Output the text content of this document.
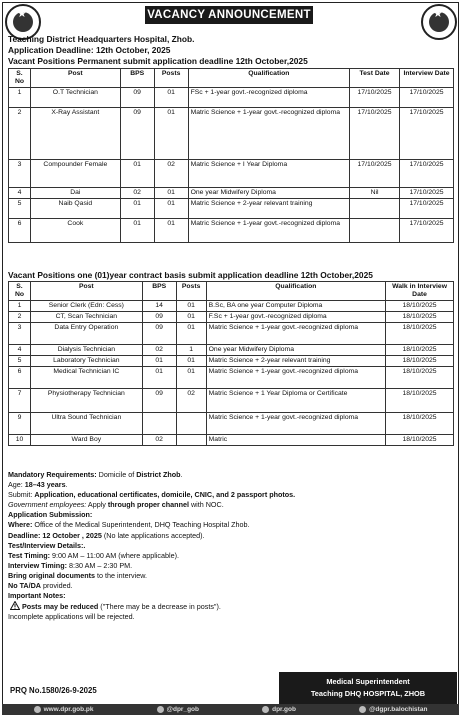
★	★
VACANCY ANNOUNCEMENT
Teaching District Headquarters Hospital, Zhob.
Application Deadline: 12th October, 2025
Vacant Positions Permanent submit application deadline 12th October,2025
S. No	Post	BPS	Posts	Qualification	Test Date	Interview Date
1	O.T Technician	09	01	FSc + 1-year govt.-recognized diploma	17/10/2025	17/10/2025
2	X-Ray Assistant	09	01	Matric Science + 1-year govt.-recognized diploma	17/10/2025	17/10/2025
3	Compounder Female	01	02	Matric Science + I Year Diploma	17/10/2025	17/10/2025
4	Dai	02	01	One year Midwifery Diploma	Nil	17/10/2025
5	Naib Qasid	01	01	Matric Science + 2-year relevant training		17/10/2025
6	Cook	01	01	Matric Science + 1-year govt.-recognized diploma		17/10/2025
Vacant Positions one (01)year contract basis submit application deadline 12th October,2025
S. No	Post	BPS	Posts	Qualification	Walk in Interview Date
1	Senior Clerk (Edn: Cess)	14	01	B.Sc, BA one year Computer Diploma	18/10/2025
2	CT, Scan Technician	09	01	F.Sc + 1-year govt.-recognized diploma	18/10/2025
3	Data Entry Operation	09	01	Matric Science + 1-year govt.-recognized diploma	18/10/2025
4	Dialysis Technician	02	1	One year Midwifery Diploma	18/10/2025
5	Laboratory Technician	01	01	Matric Science + 2-year relevant training	18/10/2025
6	Medical Technician IC	01	01	Matric Science + 1-year govt.-recognized diploma	18/10/2025
7	Physiotherapy Technician	09	02	Matric Science + 1 Year Diploma or Certificate	18/10/2025
9	Ultra Sound Technician			Matric Science + 1-year govt.-recognized diploma	18/10/2025
10	Ward Boy	02		Matric	18/10/2025
Mandatory Requirements: Domicile of District Zhob.
Age: 18–43 years.
Submit: Application, educational certificates, domicile, CNIC, and 2 passport photos.
Government employees: Apply through proper channel with NOC.
Application Submission:
Where: Office of the Medical Superintendent, DHQ Teaching Hospital Zhob.
Deadline: 12 October , 2025 (No late applications accepted).
Test/Interview Details:.
Test Timing: 9:00 AM – 11:00 AM (where applicable).
Interview Timing: 8:30 AM – 2:30 PM.
Bring original documents to the interview.
No TA/DA provided.
Important Notes:

Posts may be reduced ("There may be a decrease in posts").
Incomplete applications will be rejected.
Medical Superintendent
Teaching DHQ HOSPITAL, ZHOB
PRQ No.1580/26-9-2025
www.dpr.gob.pk	@dpr_gob	dpr.gob	@dgpr.balochistan
